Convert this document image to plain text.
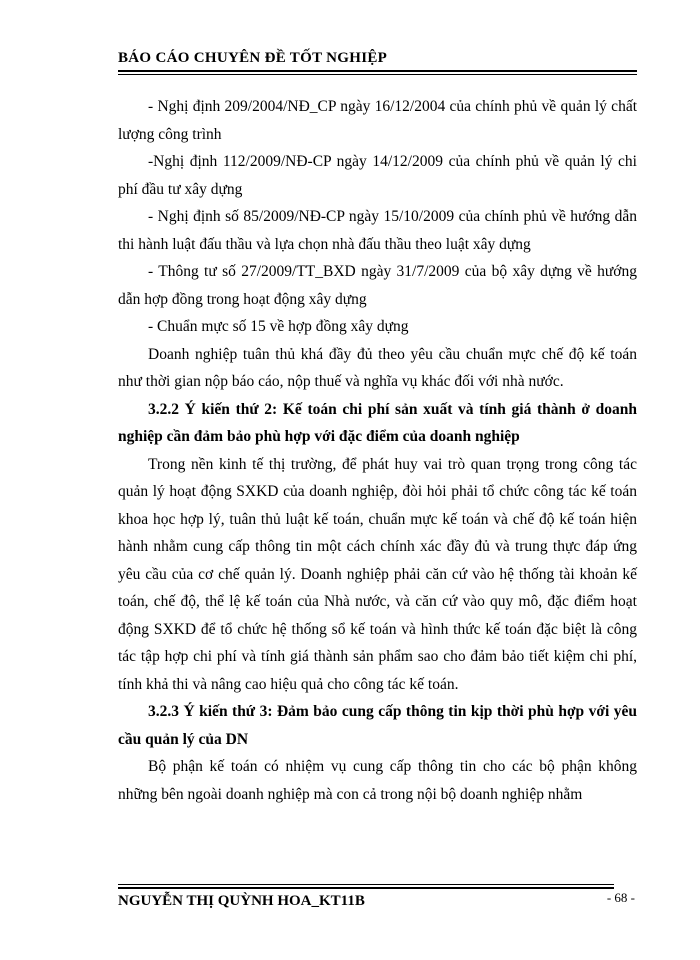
BÁO CÁO CHUYÊN ĐỀ TỐT NGHIỆP

- Nghị định 209/2004/NĐ_CP ngày 16/12/2004 của chính phủ về quản lý chất lượng công trình

-Nghị định 112/2009/NĐ-CP ngày 14/12/2009 của chính phủ về quản lý chi phí đầu tư xây dựng

- Nghị định số 85/2009/NĐ-CP ngày 15/10/2009 của chính phủ về hướng dẫn thi hành luật đấu thầu và lựa chọn nhà đấu thầu theo luật xây dựng

- Thông tư số 27/2009/TT_BXD ngày 31/7/2009 của bộ xây dựng về hướng dẫn hợp đồng trong hoạt động xây dựng

- Chuẩn mực số 15 về hợp đồng xây dựng

Doanh nghiệp tuân thủ khá đầy đủ theo yêu cầu chuẩn mực chế độ kế toán như thời gian nộp báo cáo, nộp thuế và nghĩa vụ khác đối với nhà nước.

3.2.2 Ý kiến thứ 2: Kế toán chi phí sản xuất và tính giá thành ở doanh nghiệp cần đảm bảo phù hợp với đặc điểm của doanh nghiệp

Trong nền kinh tế thị trường, để phát huy vai trò quan trọng trong công tác quản lý hoạt động SXKD của doanh nghiệp, đòi hỏi phải tổ chức công tác kế toán khoa học hợp lý, tuân thủ luật kế toán, chuẩn mực kế toán và chế độ kế toán hiện hành nhằm cung cấp thông tin một cách chính xác đầy đủ và trung thực đáp ứng yêu cầu của cơ chế quản lý. Doanh nghiệp phải căn cứ vào hệ thống tài khoản kế toán, chế độ, thể lệ kế toán của Nhà nước, và căn cứ vào quy mô, đặc điểm hoạt động SXKD để tổ chức hệ thống sổ kế toán và hình thức kế toán đặc biệt là công tác tập hợp chi phí và tính giá thành sản phẩm sao cho đảm bảo tiết kiệm chi phí, tính khả thi và nâng cao hiệu quả cho công tác kế toán.

3.2.3 Ý kiến thứ 3: Đảm bảo cung cấp thông tin kịp thời phù hợp với yêu cầu quản lý của DN

Bộ phận kế toán có nhiệm vụ cung cấp thông tin cho các bộ phận không những bên ngoài doanh nghiệp mà con cả trong nội bộ doanh nghiệp nhằm

NGUYỄN THỊ QUỲNH HOA_KT11B	- 68 -
